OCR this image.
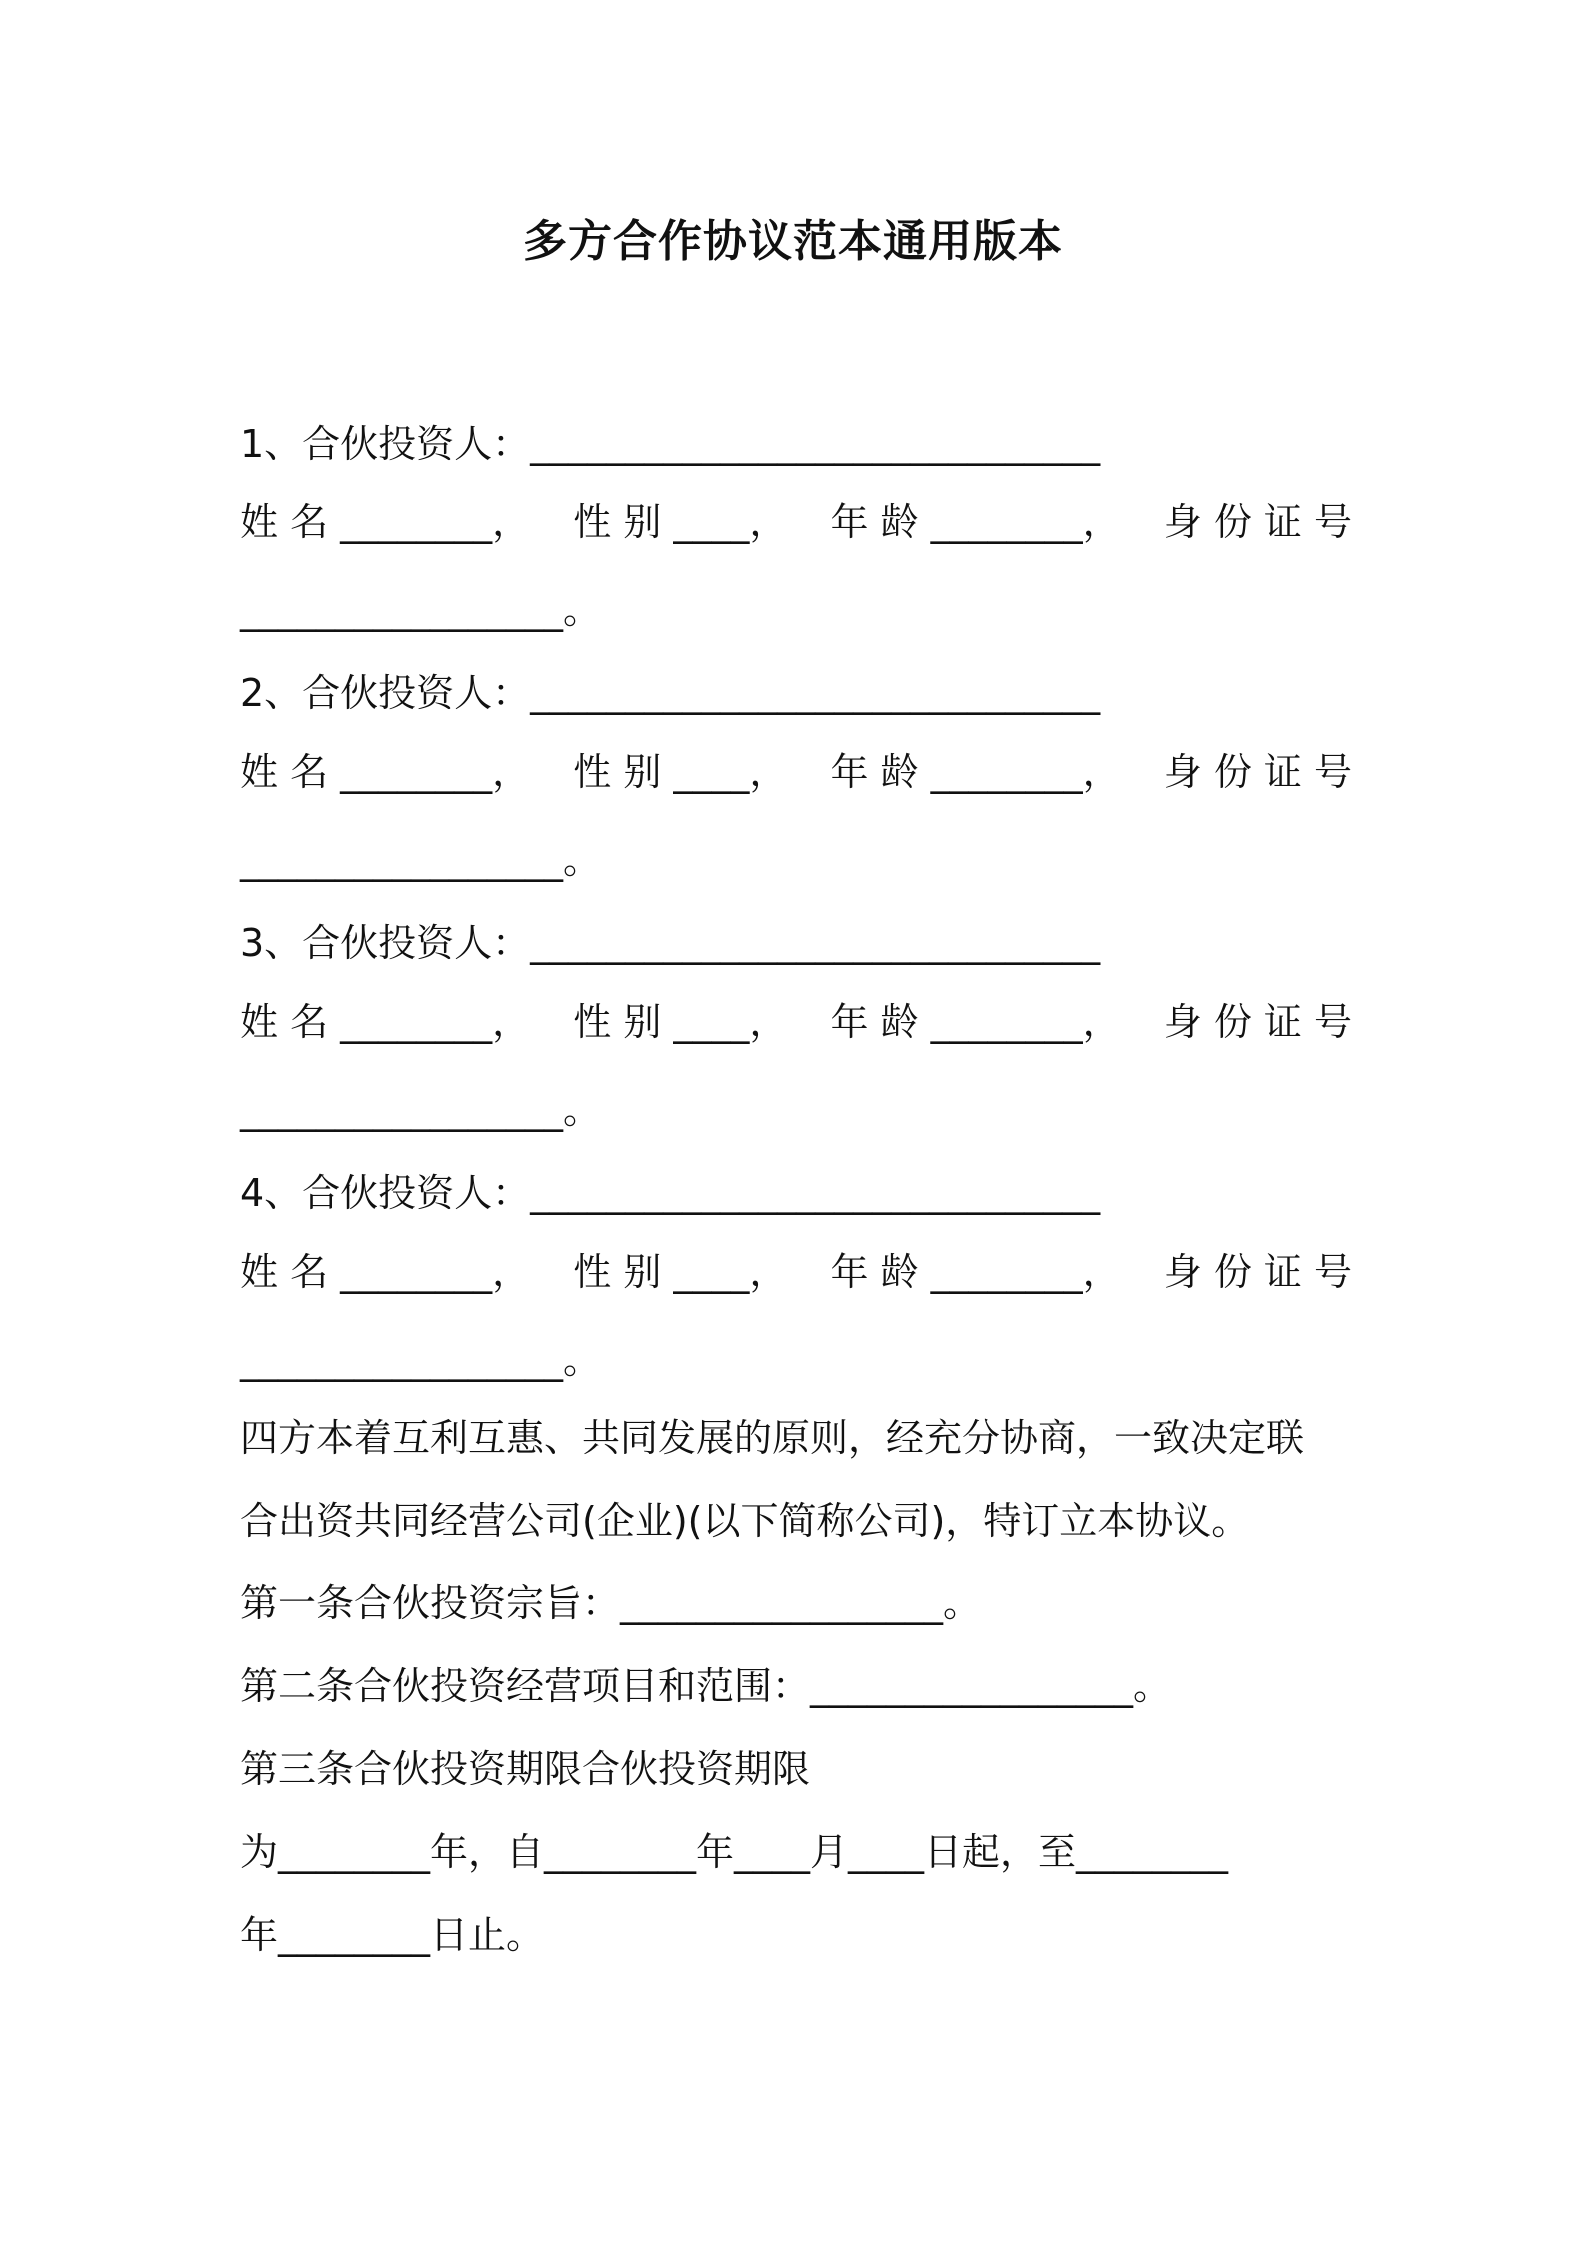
多方合作协议范本通用版本
1、合伙投资人：______________________________
姓 名 ________， 性 别 ____， 年 龄 ________， 身 份 证 号
_________________。
2、合伙投资人：______________________________
姓 名 ________， 性 别 ____， 年 龄 ________， 身 份 证 号
_________________。
3、合伙投资人：______________________________
姓 名 ________， 性 别 ____， 年 龄 ________， 身 份 证 号
_________________。
4、合伙投资人：______________________________
姓 名 ________， 性 别 ____， 年 龄 ________， 身 份 证 号
_________________。
四方本着互利互惠、共同发展的原则，经充分协商，一致决定联
合出资共同经营公司(企业)(以下简称公司)，特订立本协议。
第一条合伙投资宗旨：_________________。
第二条合伙投资经营项目和范围：_________________。
第三条合伙投资期限合伙投资期限
为________年，自________年____月____日起，至________
年________日止。
